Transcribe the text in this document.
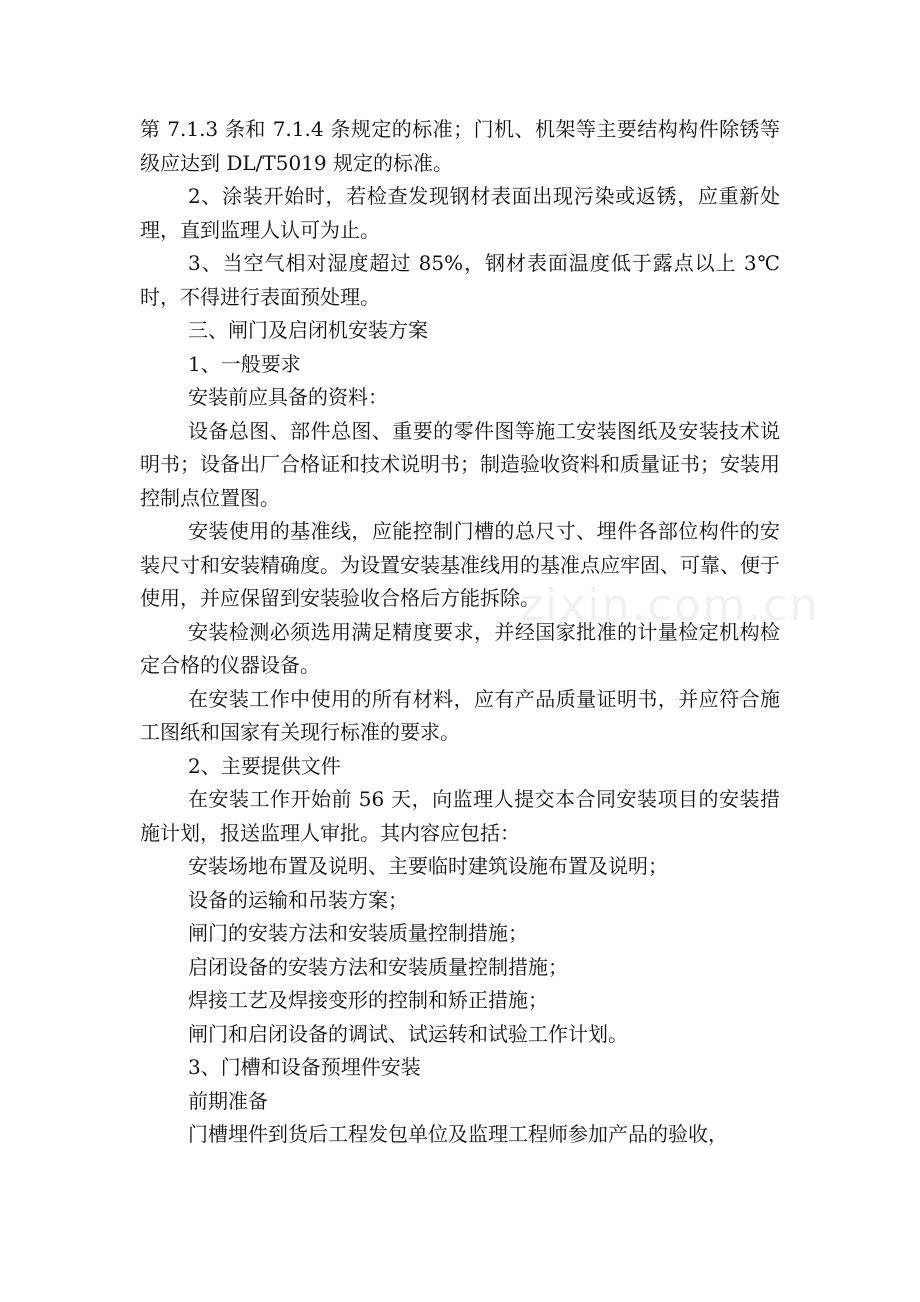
第 7.1.3 条和 7.1.4 条规定的标准；门机、机架等主要结构构件除锈等级应达到 DL/T5019 规定的标准。

2、涂装开始时，若检查发现钢材表面出现污染或返锈，应重新处理，直到监理人认可为止。

3、当空气相对湿度超过 85%，钢材表面温度低于露点以上 3℃时，不得进行表面预处理。

三、闸门及启闭机安装方案

1、一般要求

安装前应具备的资料：

设备总图、部件总图、重要的零件图等施工安装图纸及安装技术说明书；设备出厂合格证和技术说明书；制造验收资料和质量证书；安装用控制点位置图。

安装使用的基准线，应能控制门槽的总尺寸、埋件各部位构件的安装尺寸和安装精确度。为设置安装基准线用的基准点应牢固、可靠、便于使用，并应保留到安装验收合格后方能拆除。

安装检测必须选用满足精度要求，并经国家批准的计量检定机构检定合格的仪器设备。

在安装工作中使用的所有材料，应有产品质量证明书，并应符合施工图纸和国家有关现行标准的要求。

2、主要提供文件

在安装工作开始前 56 天，向监理人提交本合同安装项目的安装措施计划，报送监理人审批。其内容应包括：

安装场地布置及说明、主要临时建筑设施布置及说明；

设备的运输和吊装方案；

闸门的安装方法和安装质量控制措施；

启闭设备的安装方法和安装质量控制措施；

焊接工艺及焊接变形的控制和矫正措施；

闸门和启闭设备的调试、试运转和试验工作计划。

3、门槽和设备预埋件安装

前期准备

门槽埋件到货后工程发包单位及监理工程师参加产品的验收，

zixin.com.cn
